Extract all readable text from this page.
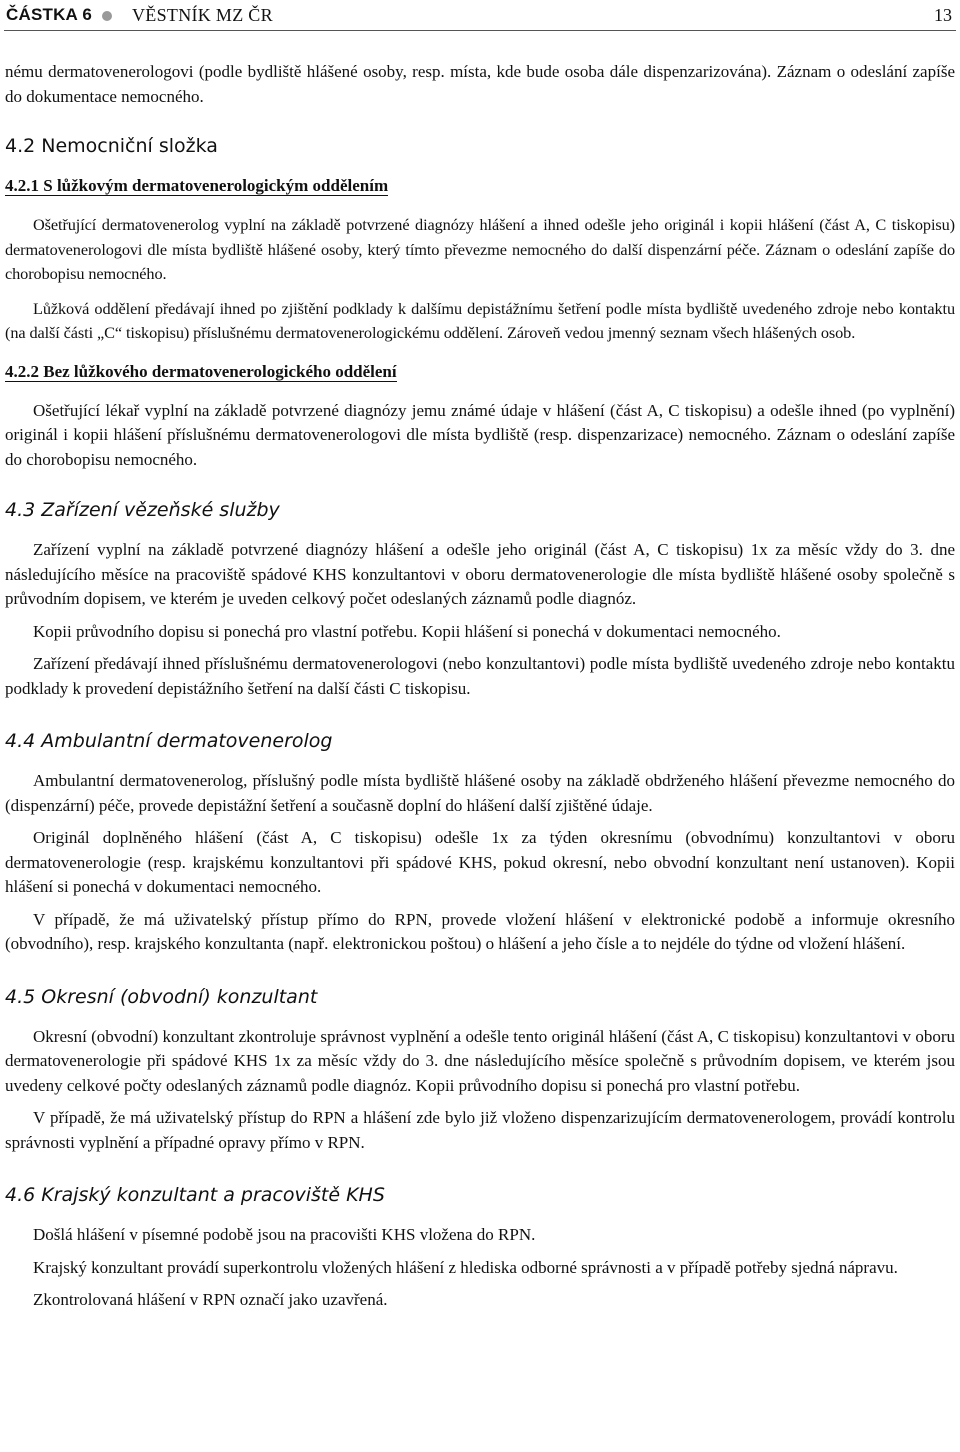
ČÁSTKA 6 VĚSTNÍK MZ ČR	13

nému dermatovenerologovi (podle bydliště hlášené osoby, resp. místa, kde bude osoba dále dispenzarizována). Záznam o odeslání zapíše do dokumentace nemocného.

4.2 Nemocniční složka
4.2.1 S lůžkovým dermatovenerologickým oddělením

Ošetřující dermatovenerolog vyplní na základě potvrzené diagnózy hlášení a ihned odešle jeho originál i kopii hlášení (část A, C tiskopisu) dermatovenerologovi dle místa bydliště hlášené osoby, který tímto převezme nemocného do další dispenzární péče. Záznam o odeslání zapíše do chorobopisu nemocného.

Lůžková oddělení předávají ihned po zjištění podklady k dalšímu depistážnímu šetření podle místa bydliště uvedeného zdroje nebo kontaktu (na další části „C“ tiskopisu) příslušnému dermatovenerologickému oddělení. Zároveň vedou jmenný seznam všech hlášených osob.

4.2.2 Bez lůžkového dermatovenerologického oddělení

Ošetřující lékař vyplní na základě potvrzené diagnózy jemu známé údaje v hlášení (část A, C tiskopisu) a odešle ihned (po vyplnění) originál i kopii hlášení příslušnému dermatovenerologovi dle místa bydliště (resp. dispenzarizace) nemocného. Záznam o odeslání zapíše do chorobopisu nemocného.

4.3 Zařízení vězeňské služby

Zařízení vyplní na základě potvrzené diagnózy hlášení a odešle jeho originál (část A, C tiskopisu) 1x za měsíc vždy do 3. dne následujícího měsíce na pracoviště spádové KHS konzultantovi v oboru dermatovenerologie dle místa bydliště hlášené osoby společně s průvodním dopisem, ve kterém je uveden celkový počet odeslaných záznamů podle diagnóz.

Kopii průvodního dopisu si ponechá pro vlastní potřebu. Kopii hlášení si ponechá v dokumentaci nemocného.

Zařízení předávají ihned příslušnému dermatovenerologovi (nebo konzultantovi) podle místa bydliště uvedeného zdroje nebo kontaktu podklady k provedení depistážního šetření na další části C tiskopisu.

4.4 Ambulantní dermatovenerolog

Ambulantní dermatovenerolog, příslušný podle místa bydliště hlášené osoby na základě obdrženého hlášení převezme nemocného do (dispenzární) péče, provede depistážní šetření a současně doplní do hlášení další zjištěné údaje.

Originál doplněného hlášení (část A, C tiskopisu) odešle 1x za týden okresnímu (obvodnímu) konzultantovi v oboru dermatovenerologie (resp. krajskému konzultantovi při spádové KHS, pokud okresní, nebo obvodní konzultant není ustanoven). Kopii hlášení si ponechá v dokumentaci nemocného.

V případě, že má uživatelský přístup přímo do RPN, provede vložení hlášení v elektronické podobě a informuje okresního (obvodního), resp. krajského konzultanta (např. elektronickou poštou) o hlášení a jeho čísle a to nejdéle do týdne od vložení hlášení.

4.5 Okresní (obvodní) konzultant

Okresní (obvodní) konzultant zkontroluje správnost vyplnění a odešle tento originál hlášení (část A, C tiskopisu) konzultantovi v oboru dermatovenerologie při spádové KHS 1x za měsíc vždy do 3. dne následujícího měsíce společně s průvodním dopisem, ve kterém jsou uvedeny celkové počty odeslaných záznamů podle diagnóz. Kopii průvodního dopisu si ponechá pro vlastní potřebu.

V případě, že má uživatelský přístup do RPN a hlášení zde bylo již vloženo dispenzarizujícím dermatovenerologem, provádí kontrolu správnosti vyplnění a případné opravy přímo v RPN.

4.6 Krajský konzultant a pracoviště KHS

Došlá hlášení v písemné podobě jsou na pracovišti KHS vložena do RPN.

Krajský konzultant provádí superkontrolu vložených hlášení z hlediska odborné správnosti a v případě potřeby sjedná nápravu.

Zkontrolovaná hlášení v RPN označí jako uzavřená.
